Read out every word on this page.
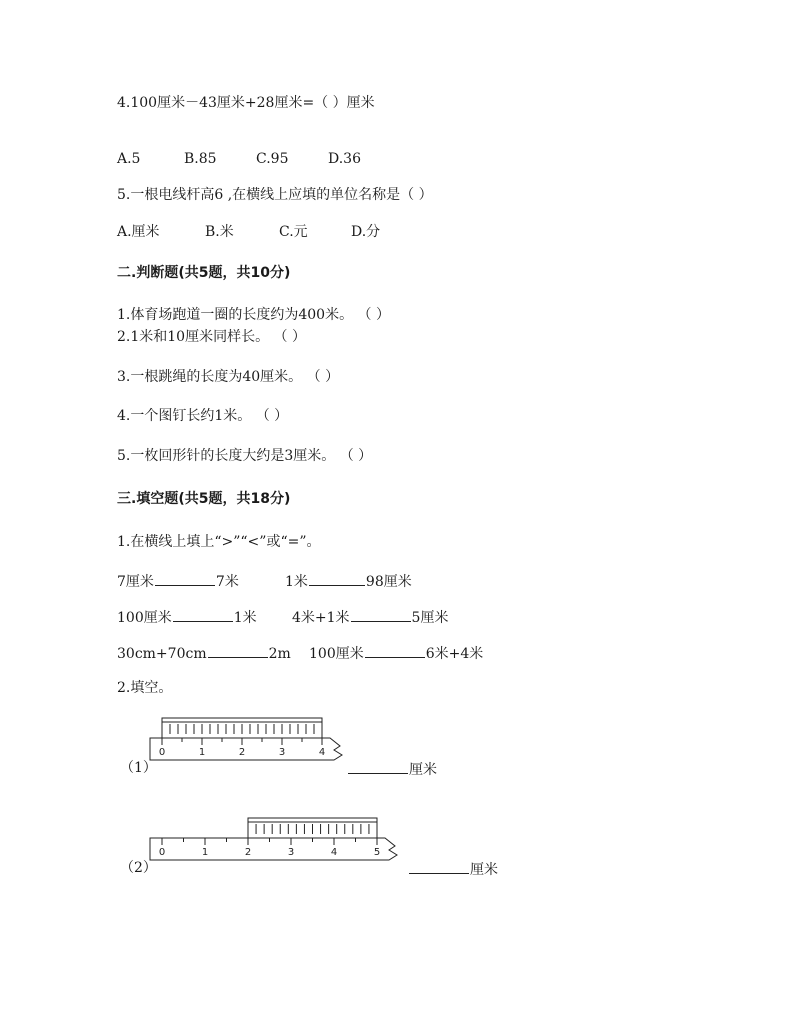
4.100厘米－43厘米+28厘米=（ ）厘米
A.5	B.85	C.95	D.36
5.一根电线杆高6 ,在横线上应填的单位名称是（ ）
A.厘米	B.米	C.元	D.分
二.判断题(共5题，共10分)
1.体育场跑道一圈的长度约为400米。 （ ）
2.1米和10厘米同样长。 （ ）
3.一根跳绳的长度为40厘米。 （ ）
4.一个图钉长约1米。 （ ）
5.一枚回形针的长度大约是3厘米。 （ ）
三.填空题(共5题，共18分)
1.在横线上填上“>”“<”或“=”。
7厘米	7米	1米	98厘米
100厘米	1米	4米+1米	5厘米
30cm+70cm	2m 100厘米	6米+4米
2.填空。
（1）
0	1	2	3	4
厘米
（2）
0	1	2	3	4	5
厘米
